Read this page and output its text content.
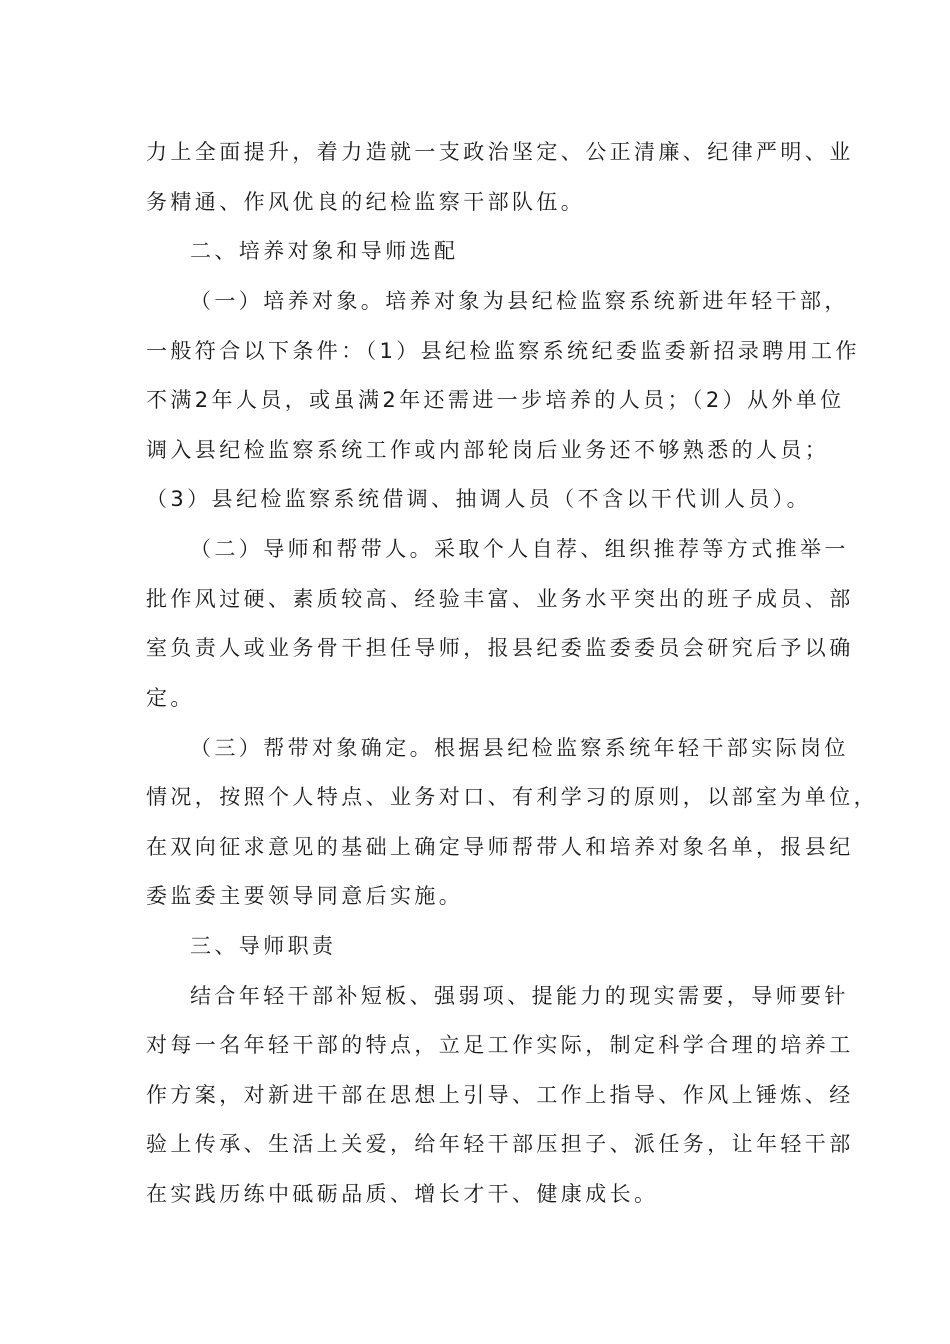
力上全面提升，着力造就一支政治坚定、公正清廉、纪律严明、业
务精通、作风优良的纪检监察干部队伍。
二、培养对象和导师选配
（一）培养对象。培养对象为县纪检监察系统新进年轻干部，
一般符合以下条件：（1）县纪检监察系统纪委监委新招录聘用工作
不满2年人员，或虽满2年还需进一步培养的人员；（2）从外单位
调入县纪检监察系统工作或内部轮岗后业务还不够熟悉的人员；
（3）县纪检监察系统借调、抽调人员（不含以干代训人员）。
（二）导师和帮带人。采取个人自荐、组织推荐等方式推举一
批作风过硬、素质较高、经验丰富、业务水平突出的班子成员、部
室负责人或业务骨干担任导师，报县纪委监委委员会研究后予以确
定。
（三）帮带对象确定。根据县纪检监察系统年轻干部实际岗位
情况，按照个人特点、业务对口、有利学习的原则，以部室为单位，
在双向征求意见的基础上确定导师帮带人和培养对象名单，报县纪
委监委主要领导同意后实施。
三、导师职责
结合年轻干部补短板、强弱项、提能力的现实需要，导师要针
对每一名年轻干部的特点，立足工作实际，制定科学合理的培养工
作方案，对新进干部在思想上引导、工作上指导、作风上锤炼、经
验上传承、生活上关爱，给年轻干部压担子、派任务，让年轻干部
在实践历练中砥砺品质、增长才干、健康成长。
